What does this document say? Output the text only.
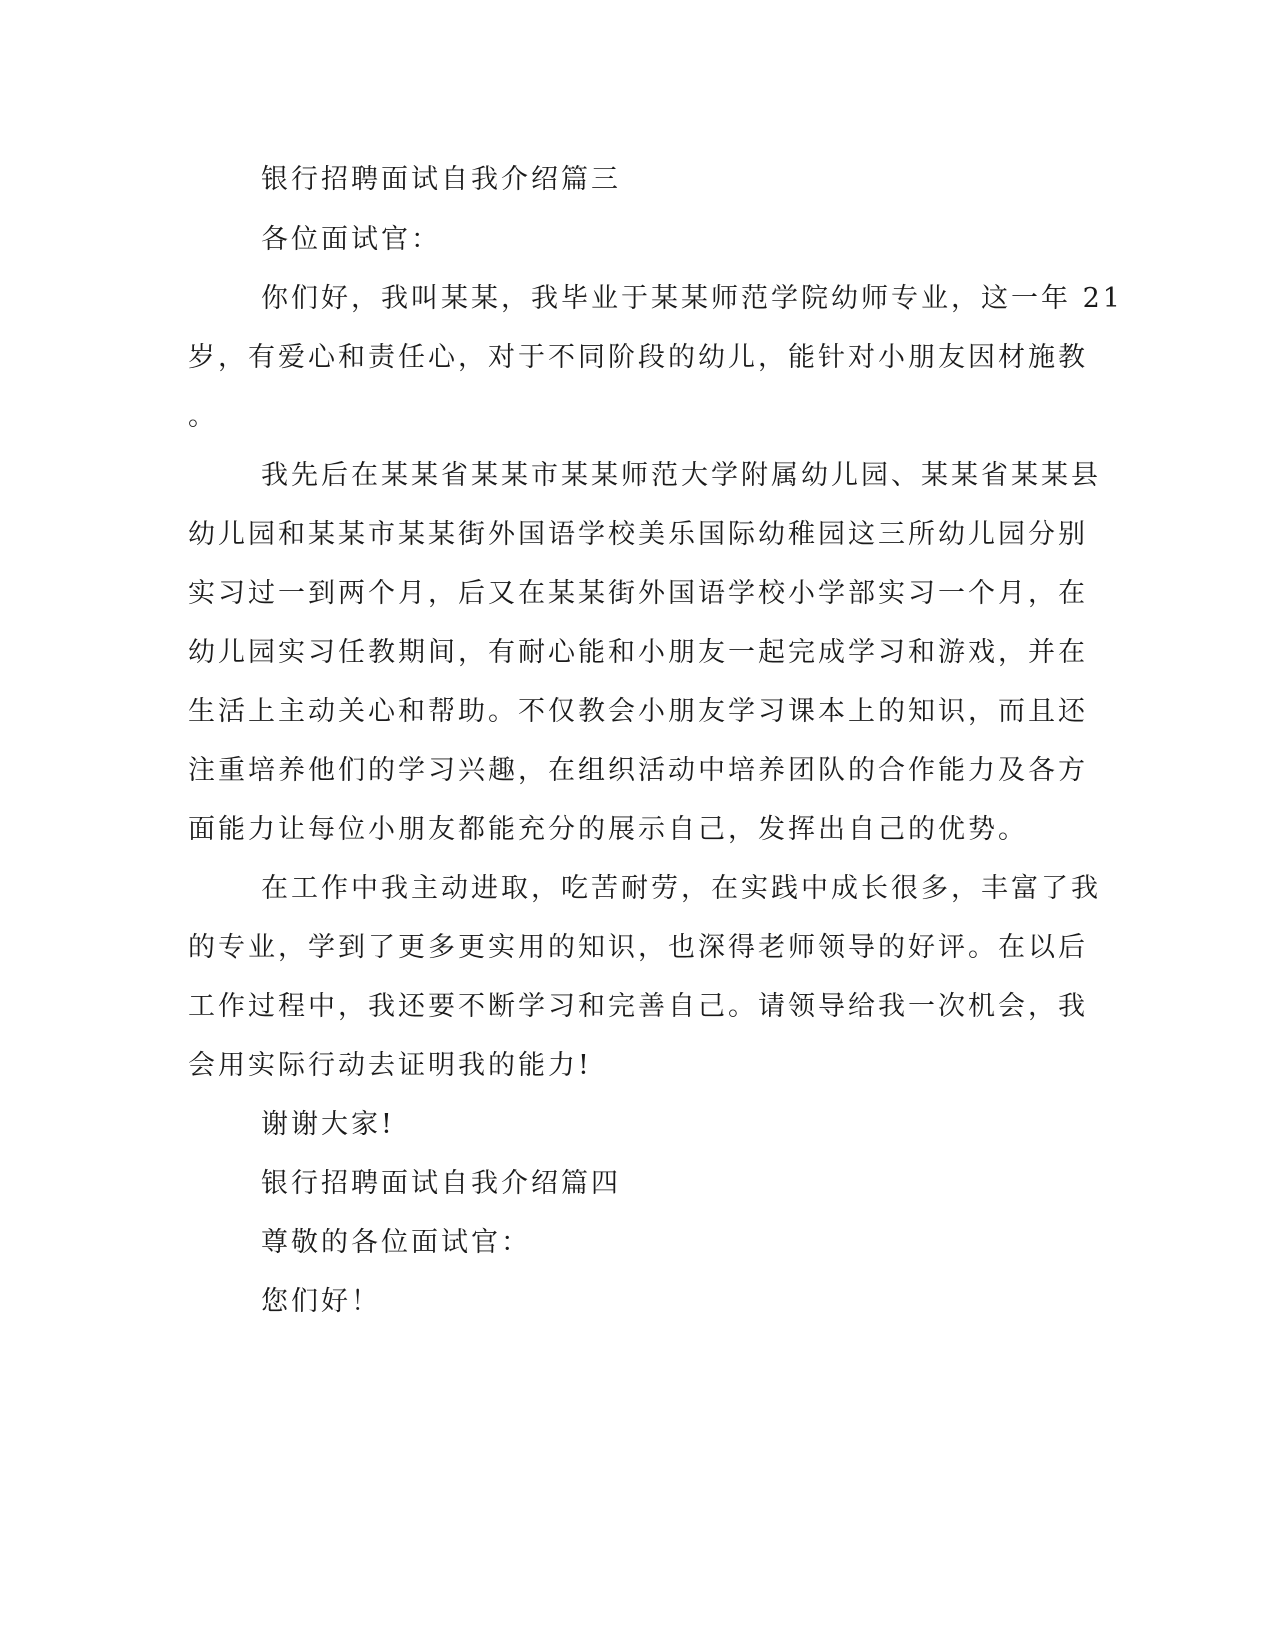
银行招聘面试自我介绍篇三
各位面试官：
你们好，我叫某某，我毕业于某某师范学院幼师专业，这一年 21
岁，有爱心和责任心，对于不同阶段的幼儿，能针对小朋友因材施教
。
我先后在某某省某某市某某师范大学附属幼儿园、某某省某某县
幼儿园和某某市某某街外国语学校美乐国际幼稚园这三所幼儿园分别
实习过一到两个月，后又在某某街外国语学校小学部实习一个月，在
幼儿园实习任教期间，有耐心能和小朋友一起完成学习和游戏，并在
生活上主动关心和帮助。不仅教会小朋友学习课本上的知识，而且还
注重培养他们的学习兴趣，在组织活动中培养团队的合作能力及各方
面能力让每位小朋友都能充分的展示自己，发挥出自己的优势。
在工作中我主动进取，吃苦耐劳，在实践中成长很多，丰富了我
的专业，学到了更多更实用的知识，也深得老师领导的好评。在以后
工作过程中，我还要不断学习和完善自己。请领导给我一次机会，我
会用实际行动去证明我的能力!
谢谢大家!
银行招聘面试自我介绍篇四
尊敬的各位面试官：
您们好！
